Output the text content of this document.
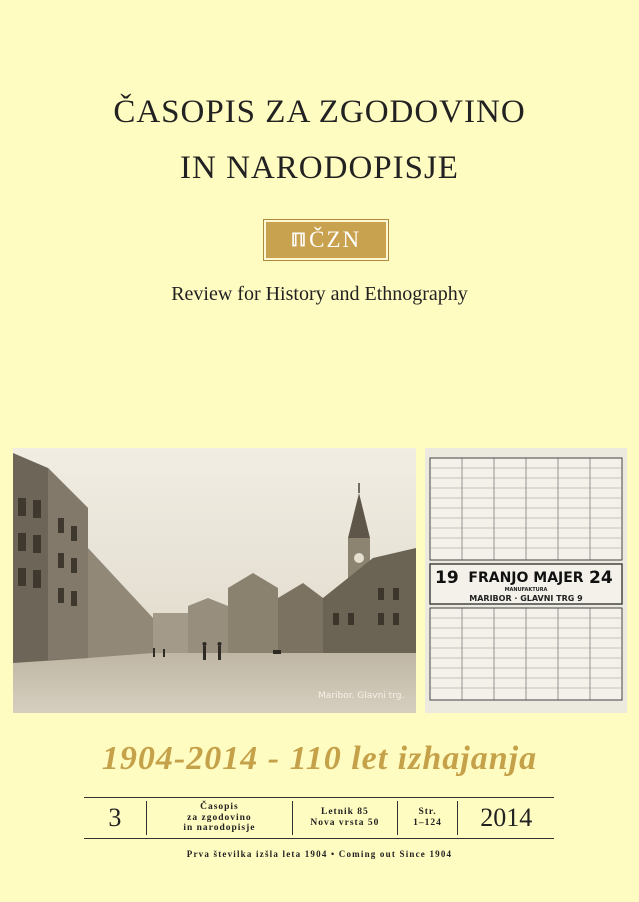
ČASOPIS ZA ZGODOVINO
IN NARODOPISJE
ℿ ČZN
Review for History and Ethnography
Maribor. Glavni trg.
19	24
FRANJO MAJER
MANUFAKTURA
MARIBOR · GLAVNI TRG 9
1904-2014 - 110 let izhajanja
3	Časopis
za zgodovino
in narodopisje
Letnik 85
Nova vrsta 50
Str.
1–124 2014
Prva številka izšla leta 1904 • Coming out Since 1904
